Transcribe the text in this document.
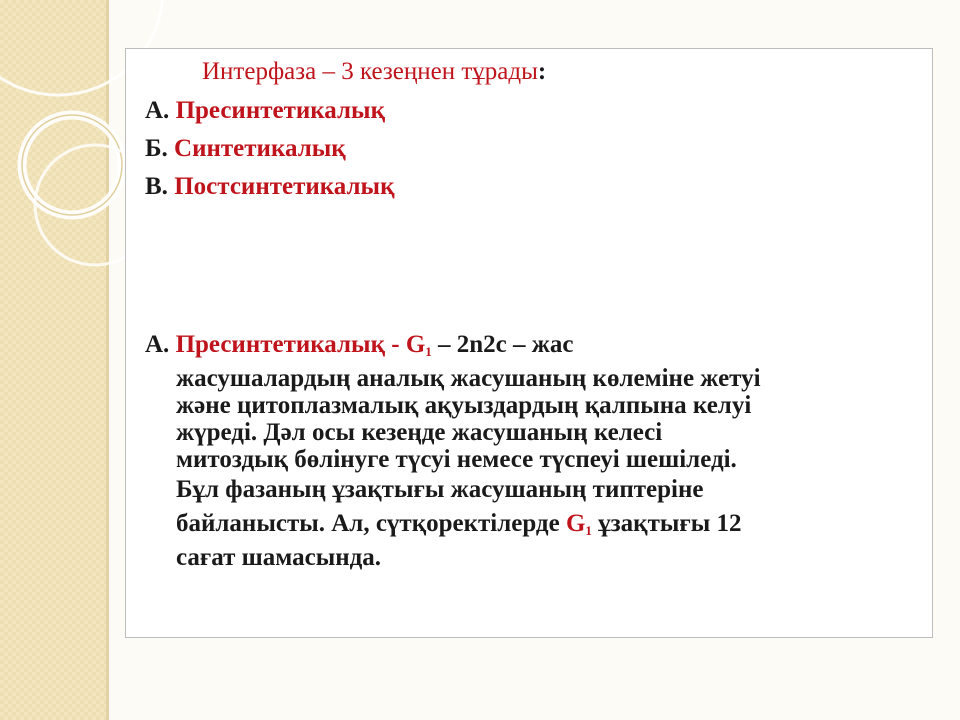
Интерфаза – 3 кезеңнен тұрады:

А. Пресинтетикалық

Б. Синтетикалық

В. Постсинтетикалық

А. Пресинтетикалық - $G_1 - 2n2c$ – жас
жасушалардың аналық жасушаның көлеміне жетуі
және цитоплазмалық ақуыздардың қалпына келуі
жүреді. Дәл осы кезеңде жасушаның келесі
митоздық бөлінуге түсуі немесе түспеуі шешіледі.
Бұл фазаның ұзақтығы жасушаның типтеріне
байланысты. Ал, сүтқоректілерде $G_1$ ұзақтығы 12
сағат шамасында.
